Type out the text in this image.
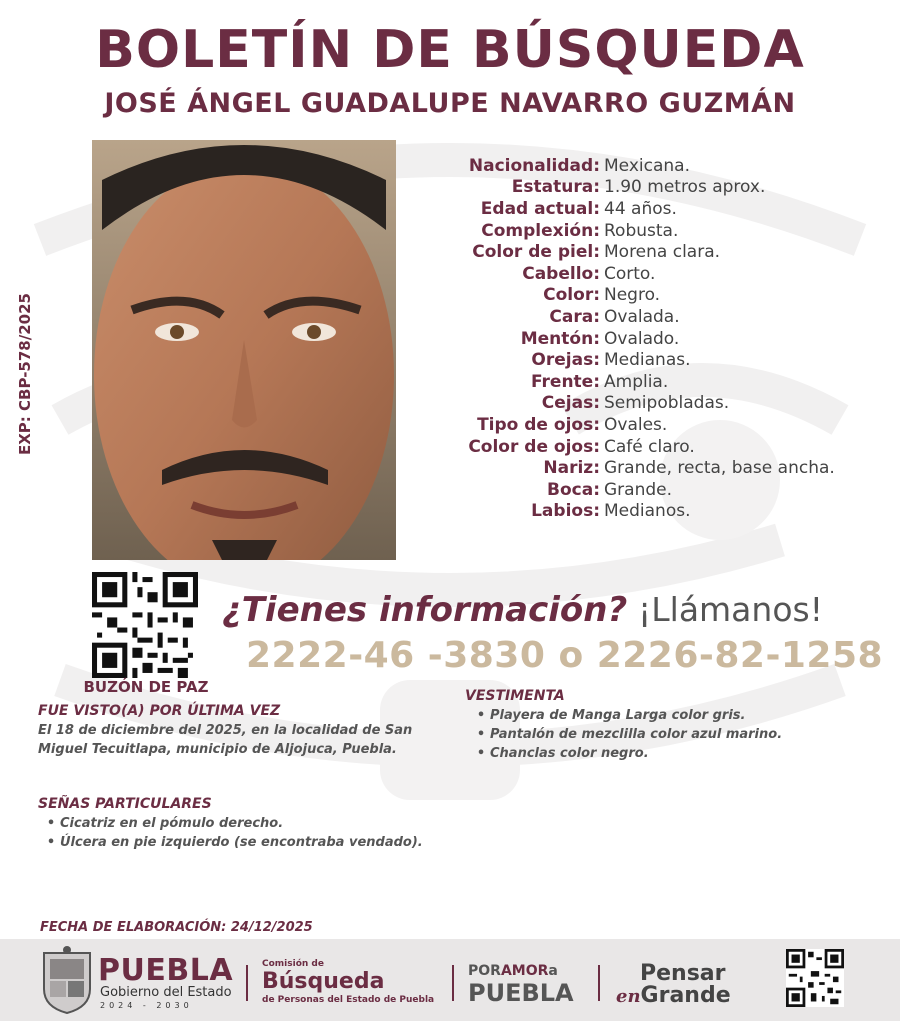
BOLETÍN DE BÚSQUEDA
JOSÉ ÁNGEL GUADALUPE NAVARRO GUZMÁN
EXP: CBP-578/2025
Nacionalidad: Mexicana.
Estatura: 1.90 metros aprox.
Edad actual: 44 años.
Complexión: Robusta.
Color de piel: Morena clara.
Cabello: Corto.
Color: Negro.
Cara: Ovalada.
Mentón: Ovalado.
Orejas: Medianas.
Frente: Amplia.
Cejas: Semipobladas.
Tipo de ojos: Ovales.
Color de ojos: Café claro.
Nariz: Grande, recta, base ancha.
Boca: Grande.
Labios: Medianos.
BUZÓN DE PAZ
¿Tienes información? ¡Llámanos!
2222-46 -3830 o 2226-82-1258
FUE VISTO(A) POR ÚLTIMA VEZ
El 18 de diciembre del 2025, en la localidad de San Miguel Tecuitlapa, municipio de Aljojuca, Puebla.
VESTIMENTA
• Playera de Manga Larga color gris.
• Pantalón de mezclilla color azul marino.
• Chanclas color negro.
SEÑAS PARTICULARES
• Cicatriz en el pómulo derecho.
• Úlcera en pie izquierdo (se encontraba vendado).
FECHA DE ELABORACIÓN: 24/12/2025
PUEBLA
Gobierno del Estado
2024 - 2030
Comisión de
Búsqueda
de Personas del Estado de Puebla
PORAMORa
PUEBLA
Pensar
enGrande
